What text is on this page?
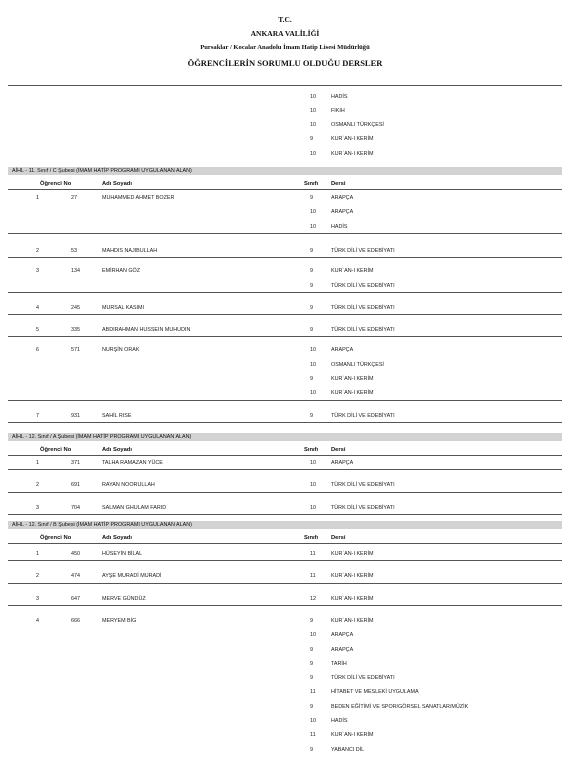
T.C.
ANKARA VALİLİĞİ
Pursaklar / Kocalar Anadolu İmam Hatip Lisesi Müdürlüğü
ÖĞRENCİLERİN SORUMLU OLDUĞU DERSLER
10	HADİS
10	FIKIH
10	OSMANLI TÜRKÇESİ
9	KUR`AN-I KERİM
10	KUR`AN-I KERİM
AİHL - 11. Sınıf / C Şubesi (İMAM HATİP PROGRAMI UYGULANAN ALAN)
Öğrenci No	Adı Soyadı	Sınıfı Dersi
1	27	MUHAMMED AHMET BOZER	9	ARAPÇA
10	ARAPÇA
10	HADİS
2	53	MAHDIS NAJIBULLAH	9	TÜRK DİLİ VE EDEBİYATI
3	134	EMİRHAN GÖZ	9	KUR`AN-I KERİM
9	TÜRK DİLİ VE EDEBİYATI
4	245	MURSAL KASIMI	9	TÜRK DİLİ VE EDEBİYATI
5	335	ABDIRAHMAN HUSSEIN MUHUDIN	9	TÜRK DİLİ VE EDEBİYATI
6	571	NURŞİN ORAK	10	ARAPÇA
10	OSMANLI TÜRKÇESİ
9	KUR`AN-I KERİM
10	KUR`AN-I KERİM
7	931	SAHİL RISE	9	TÜRK DİLİ VE EDEBİYATI
AİHL - 12. Sınıf / A Şubesi (İMAM HATİP PROGRAMI UYGULANAN ALAN)
Öğrenci No	Adı Soyadı	Sınıfı Dersi
1	371	TALHA RAMAZAN YÜCE	10	ARAPÇA
2	691	RAYAN NOORULLAH	10	TÜRK DİLİ VE EDEBİYATI
3	704	SALMAN GHULAM FARID	10	TÜRK DİLİ VE EDEBİYATI
AİHL - 12. Sınıf / B Şubesi (İMAM HATİP PROGRAMI UYGULANAN ALAN)
Öğrenci No	Adı Soyadı	Sınıfı Dersi
1	450	HÜSEYİN BİLAL	11	KUR`AN-I KERİM
2	474	AYŞE MURADİ MURADİ	11	KUR`AN-I KERİM
3	647	MERVE GÜNDÜZ	12	KUR`AN-I KERİM
4	666	MERYEM BİG	9	KUR`AN-I KERİM
10	ARAPÇA
9	ARAPÇA
9	TARİH
9	TÜRK DİLİ VE EDEBİYATI
11	HİTABET VE MESLEKİ UYGULAMA
9	BEDEN EĞİTİMİ VE SPOR/GÖRSEL SANATLAR/MÜZİK
10	HADİS
11	KUR`AN-I KERİM
9	YABANCI DİL
